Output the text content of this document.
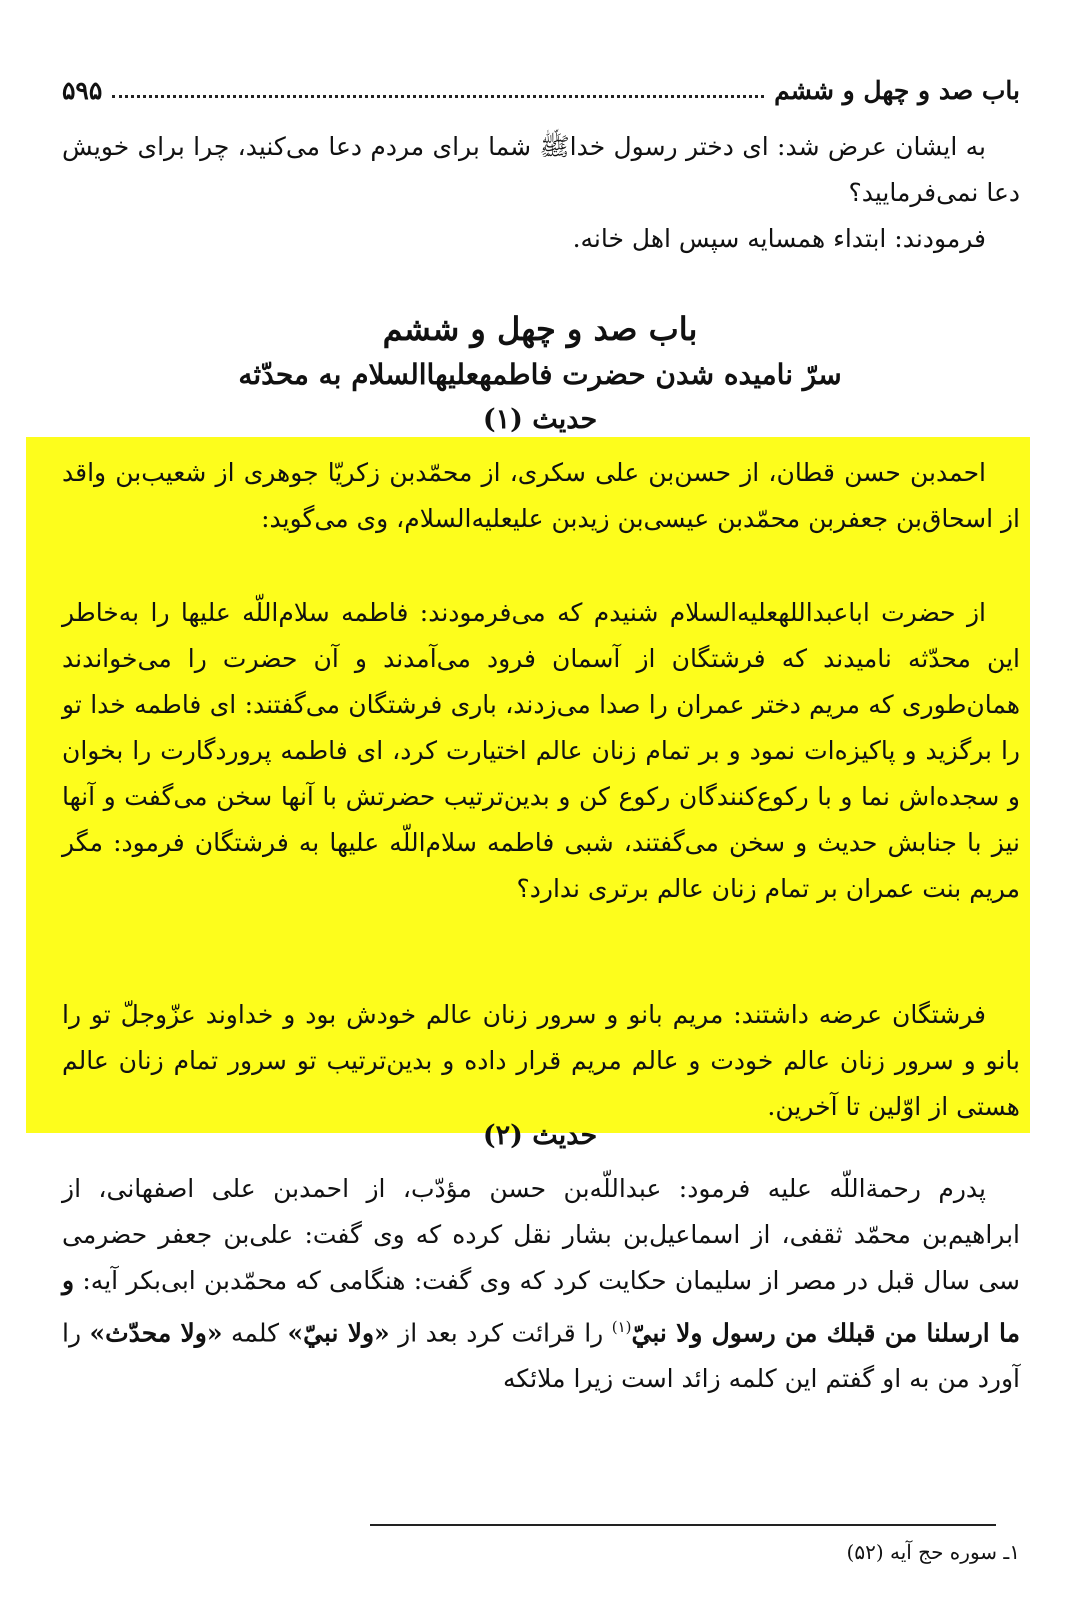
باب صد و چهل و ششم
۵۹۵
به ایشان عرض شد: ای دختر رسول خداﷺ شما برای مردم دعا می‌کنید، چرا برای خویش دعا نمی‌فرمایید؟
فرمودند: ابتداء همسایه سپس اهل خانه.
باب صد و چهل و ششم
سرّ نامیده شدن حضرت فاطمهعليها‌السلام به محدّثه
حدیث (۱)
احمدبن حسن قطان، از حسن‌بن علی سکری، از محمّدبن زکریّا جوهری از شعیب‌بن واقد از اسحاق‌بن جعفربن محمّدبن عیسی‌بن زیدبن علیعليه‌السلام، وی می‌گوید:
از حضرت اباعبداللهعليه‌السلام شنیدم که می‌فرمودند: فاطمه سلام‌اللّه علیها را به‌خاطر این محدّثه نامیدند که فرشتگان از آسمان فرود می‌آمدند و آن حضرت را می‌خواندند همان‌طوری که مریم دختر عمران را صدا می‌زدند، باری فرشتگان می‌گفتند: ای فاطمه خدا تو را برگزید و پاکیزه‌ات نمود و بر تمام زنان عالم اختیارت کرد، ای فاطمه پروردگارت را بخوان و سجده‌اش نما و با رکوع‌کنندگان رکوع کن و بدین‌ترتیب حضرتش با آنها سخن می‌گفت و آنها نیز با جنابش حدیث و سخن می‌گفتند، شبی فاطمه سلام‌اللّه علیها به فرشتگان فرمود: مگر مریم بنت عمران بر تمام زنان عالم برتری ندارد؟
فرشتگان عرضه داشتند: مریم بانو و سرور زنان عالم خودش بود و خداوند عزّوجلّ تو را بانو و سرور زنان عالم خودت و عالم مریم قرار داده و بدین‌ترتیب تو سرور تمام زنان عالم هستی از اوّلین تا آخرین.
حدیث (۲)
پدرم رحمة‌اللّه علیه فرمود: عبداللّه‌بن حسن مؤدّب، از احمدبن علی اصفهانی، از ابراهیم‌بن محمّد ثقفی، از اسماعیل‌بن بشار نقل کرده که وی گفت: علی‌بن جعفر حضرمی سی سال قبل در مصر از سلیمان حکایت کرد که وی گفت: هنگامی که محمّدبن ابی‌بکر آیه: و ما ارسلنا من قبلك من رسول ولا نبيّ$^{(۱)}$ را قرائت کرد بعد از «ولا نبيّ» کلمه «ولا محدّث» را آورد من به او گفتم این کلمه زائد است زیرا ملائکه
۱ـ سوره حج آیه (۵۲)
